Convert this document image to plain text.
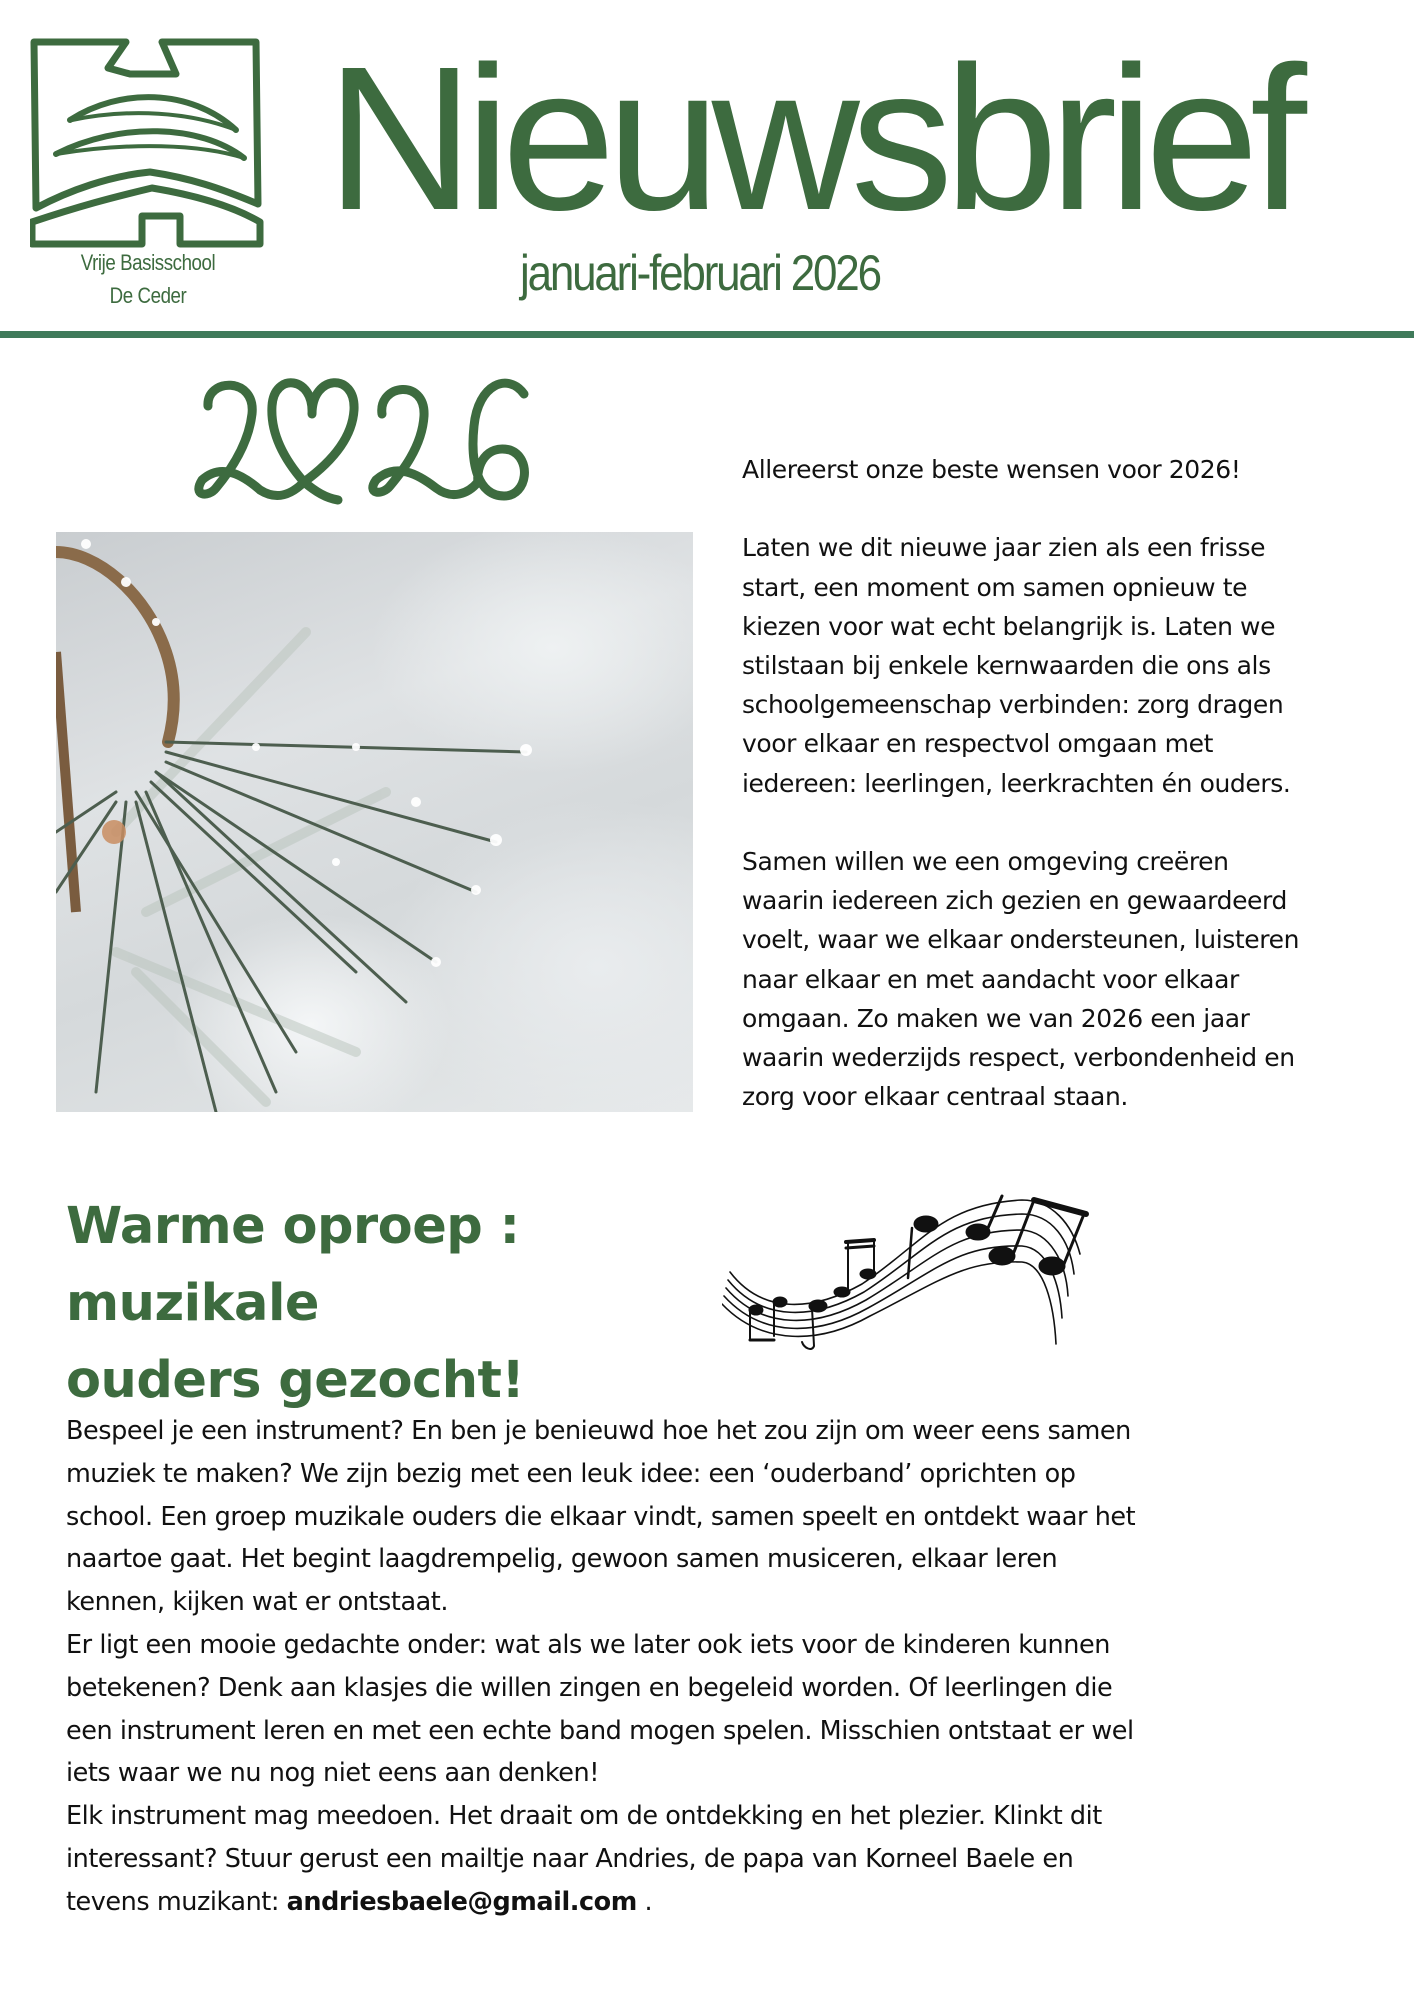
Vrije Basisschool
De Ceder
Nieuwsbrief
januari-februari 2026

Allereerst onze beste wensen voor 2026!

Laten we dit nieuwe jaar zien als een frisse

start, een moment om samen opnieuw te

kiezen voor wat echt belangrijk is. Laten we

stilstaan bij enkele kernwaarden die ons als

schoolgemeenschap verbinden: zorg dragen

voor elkaar en respectvol omgaan met

iedereen: leerlingen, leerkrachten én ouders.

Samen willen we een omgeving creëren

waarin iedereen zich gezien en gewaardeerd

voelt, waar we elkaar ondersteunen, luisteren

naar elkaar en met aandacht voor elkaar

omgaan. Zo maken we van 2026 een jaar

waarin wederzijds respect, verbondenheid en

zorg voor elkaar centraal staan.

Warme oproep : muzikale
ouders gezocht!

Bespeel je een instrument? En ben je benieuwd hoe het zou zijn om weer eens samen

muziek te maken? We zijn bezig met een leuk idee: een ‘ouderband’ oprichten op

school. Een groep muzikale ouders die elkaar vindt, samen speelt en ontdekt waar het

naartoe gaat. Het begint laagdrempelig, gewoon samen musiceren, elkaar leren

kennen, kijken wat er ontstaat.

Er ligt een mooie gedachte onder: wat als we later ook iets voor de kinderen kunnen

betekenen? Denk aan klasjes die willen zingen en begeleid worden. Of leerlingen die

een instrument leren en met een echte band mogen spelen. Misschien ontstaat er wel

iets waar we nu nog niet eens aan denken!

Elk instrument mag meedoen. Het draait om de ontdekking en het plezier. Klinkt dit

interessant? Stuur gerust een mailtje naar Andries, de papa van Korneel Baele en

tevens muzikant: andriesbaele@gmail.com .
